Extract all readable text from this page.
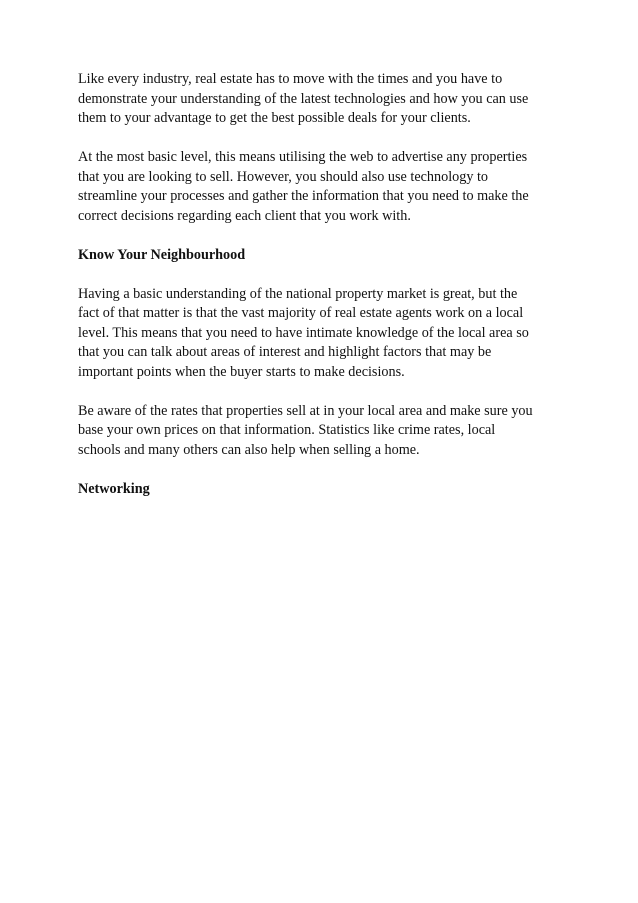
Like every industry, real estate has to move with the times and you have to
demonstrate your understanding of the latest technologies and how you can use
them to your advantage to get the best possible deals for your clients.

At the most basic level, this means utilising the web to advertise any properties
that you are looking to sell. However, you should also use technology to
streamline your processes and gather the information that you need to make the
correct decisions regarding each client that you work with.

Know Your Neighbourhood

Having a basic understanding of the national property market is great, but the
fact of that matter is that the vast majority of real estate agents work on a local
level. This means that you need to have intimate knowledge of the local area so
that you can talk about areas of interest and highlight factors that may be
important points when the buyer starts to make decisions.

Be aware of the rates that properties sell at in your local area and make sure you
base your own prices on that information. Statistics like crime rates, local
schools and many others can also help when selling a home.

Networking
